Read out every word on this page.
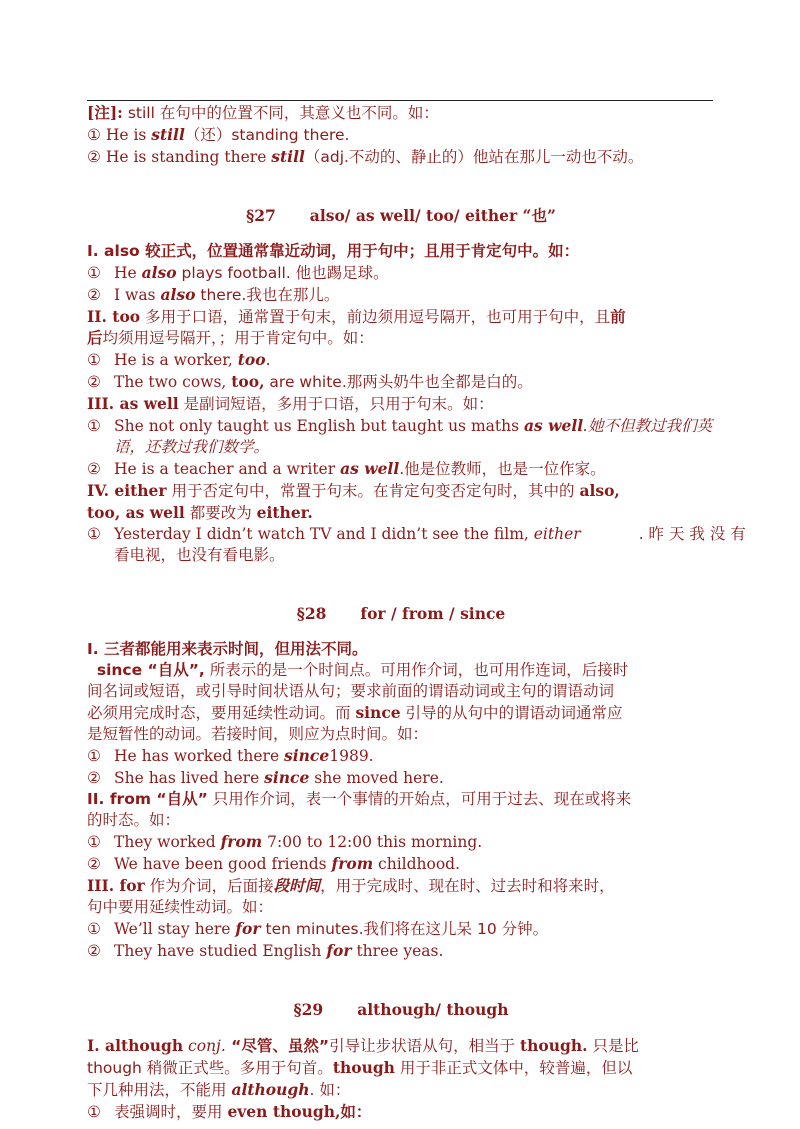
[注]: still 在句中的位置不同，其意义也不同。如：

① He is still（还）standing there.

② He is standing there still（adj.不动的、静止的）他站在那儿一动也不动。

§27 also/ as well/ too/ either “也”

I. also 较正式，位置通常靠近动词，用于句中；且用于肯定句中。如：

① He also plays football. 他也踢足球。

② I was also there.我也在那儿。

II. too 多用于口语，通常置于句末，前边须用逗号隔开，也可用于句中，且前

后均须用逗号隔开，；用于肯定句中。如：

① He is a worker, too.

② The two cows, too, are white.那两头奶牛也全都是白的。

III. as well 是副词短语，多用于口语，只用于句末。如：

① She not only taught us English but taught us maths as well.她不但教过我们英

语，还教过我们数学。

② He is a teacher and a writer as well.他是位教师，也是一位作家。

IV. either 用于否定句中，常置于句末。在肯定句变否定句时，其中的 also,

too, as well 都要改为 either.

① Yesterday I didn’t watch TV and I didn’t see the film, either	. 昨 天 我 没 有

看电视，也没有看电影。

§28 for / from / since

I. 三者都能用来表示时间，但用法不同。

since “自从”, 所表示的是一个时间点。可用作介词，也可用作连词，后接时

间名词或短语，或引导时间状语从句；要求前面的谓语动词或主句的谓语动词

必须用完成时态，要用延续性动词。而 since 引导的从句中的谓语动词通常应

是短暂性的动词。若接时间，则应为点时间。如：

① He has worked there since1989.

② She has lived here since she moved here.

II. from “自从” 只用作介词，表一个事情的开始点，可用于过去、现在或将来

的时态。如：

① They worked from 7:00 to 12:00 this morning.

② We have been good friends from childhood.

III. for 作为介词，后面接段时间，用于完成时、现在时、过去时和将来时，

句中要用延续性动词。如：

① We’ll stay here for ten minutes.我们将在这儿呆 10 分钟。

② They have studied English for three yeas.

§29 although/ though

I. although conj. “尽管、虽然”引导让步状语从句，相当于 though. 只是比

though 稍微正式些。多用于句首。though 用于非正式文体中，较普遍，但以

下几种用法，不能用 although. 如：

① 表强调时，要用 even though,如：
